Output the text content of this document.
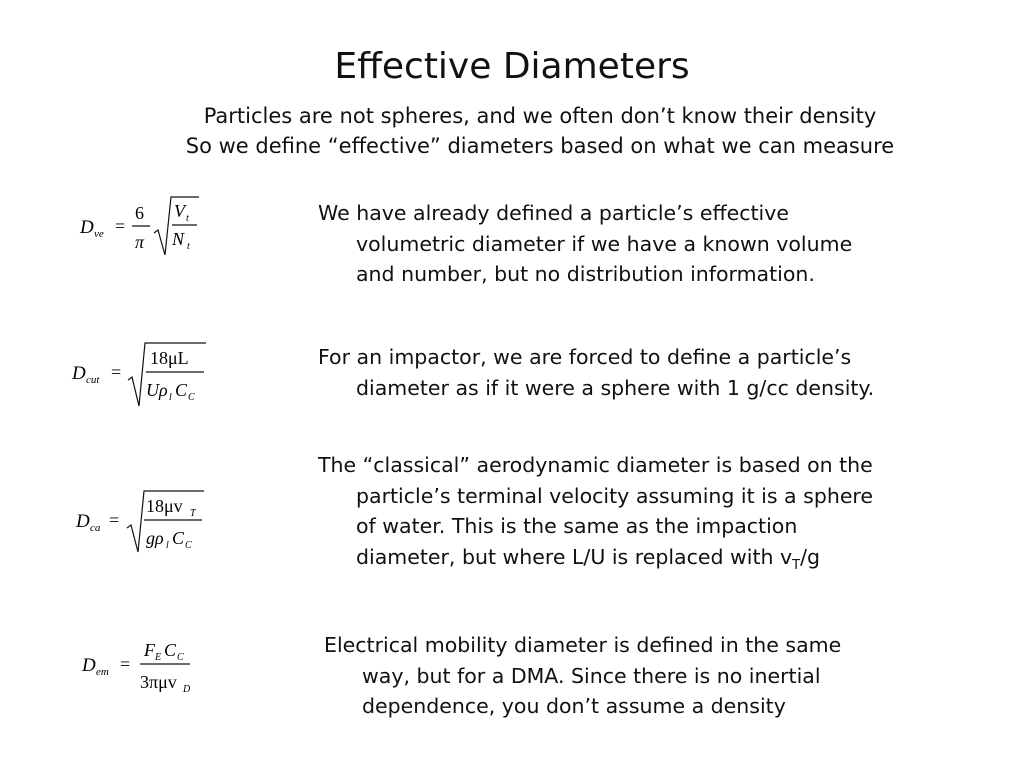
Effective Diameters
Particles are not spheres, and we often don’t know their density
So we define “effective” diameters based on what we can measure

We have already defined a particle’s effective volumetric diameter if we have a known volume and number, but no distribution information.

For an impactor, we are forced to define a particle’s diameter as if it were a sphere with 1 g/cc density.

The “classical” aerodynamic diameter is based on the particle’s terminal velocity assuming it is a sphere of water. This is the same as the impaction diameter, but where L/U is replaced with $v_T/g$

Electrical mobility diameter is defined in the same way, but for a DMA. Since there is no inertial dependence, you don’t assume a density

D ve =
6
π
V t
N t
D cut =
18μL
Uρ l C C
D ca =
18μv T
gρ l C C
D em =
F E C C
3πμv D
